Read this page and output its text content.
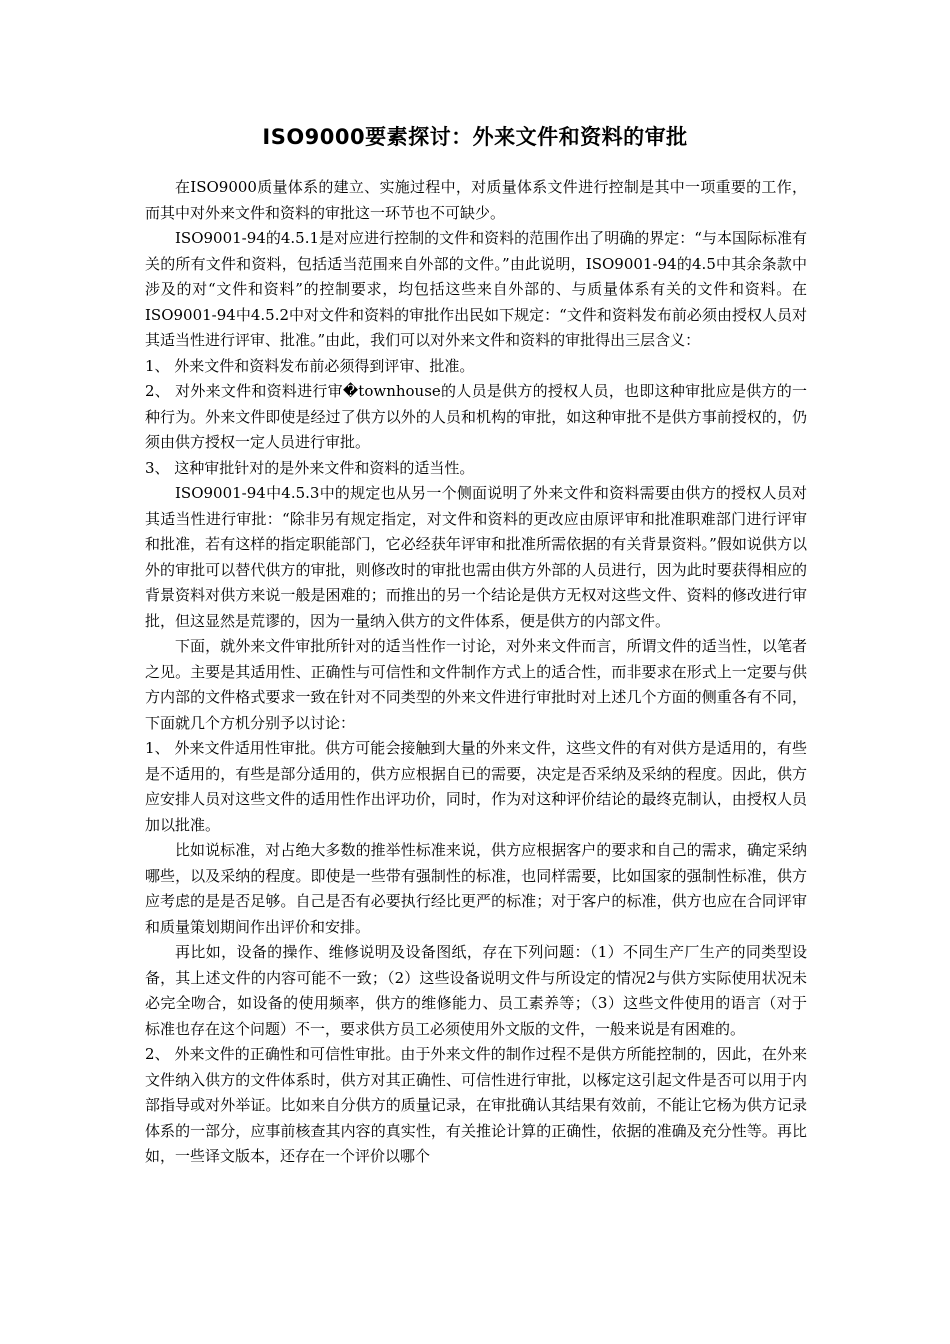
ISO9000要素探讨：外来文件和资料的审批

在ISO9000质量体系的建立、实施过程中，对质量体系文件进行控制是其中一项重要的工作，而其中对外来文件和资料的审批这一环节也不可缺少。

ISO9001-94的4.5.1是对应进行控制的文件和资料的范围作出了明确的界定：“与本国际标准有关的所有文件和资料，包括适当范围来自外部的文件。”由此说明，ISO9001-94的4.5中其余条款中涉及的对“文件和资料”的控制要求，均包括这些来自外部的、与质量体系有关的文件和资料。在ISO9001-94中4.5.2中对文件和资料的审批作出民如下规定：“文件和资料发布前必须由授权人员对其适当性进行评审、批准。”由此，我们可以对外来文件和资料的审批得出三层含义：

1、 外来文件和资料发布前必须得到评审、批准。

2、 对外来文件和资料进行审�townhouse的人员是供方的授权人员，也即这种审批应是供方的一种行为。外来文件即使是经过了供方以外的人员和机构的审批，如这种审批不是供方事前授权的，仍须由供方授权一定人员进行审批。

3、 这种审批针对的是外来文件和资料的适当性。

ISO9001-94中4.5.3中的规定也从另一个侧面说明了外来文件和资料需要由供方的授权人员对其适当性进行审批：“除非另有规定指定，对文件和资料的更改应由原评审和批准职难部门进行评审和批准，若有这样的指定职能部门，它必经获年评审和批准所需依据的有关背景资料。”假如说供方以外的审批可以替代供方的审批，则修改时的审批也需由供方外部的人员进行，因为此时要获得相应的背景资料对供方来说一般是困难的；而推出的另一个结论是供方无权对这些文件、资料的修改进行审批，但这显然是荒谬的，因为一量纳入供方的文件体系，便是供方的内部文件。

下面，就外来文件审批所针对的适当性作一讨论，对外来文件而言，所谓文件的适当性，以笔者之见。主要是其适用性、正确性与可信性和文件制作方式上的适合性，而非要求在形式上一定要与供方内部的文件格式要求一致在针对不同类型的外来文件进行审批时对上述几个方面的侧重各有不同，下面就几个方机分别予以讨论：

1、 外来文件适用性审批。供方可能会接触到大量的外来文件，这些文件的有对供方是适用的，有些是不适用的，有些是部分适用的，供方应根据自已的需要，决定是否采纳及采纳的程度。因此，供方应安排人员对这些文件的适用性作出评功价，同时，作为对这种评价结论的最终克制认，由授权人员加以批准。

比如说标准，对占绝大多数的推举性标准来说，供方应根据客户的要求和自己的需求，确定采纳哪些，以及采纳的程度。即使是一些带有强制性的标准，也同样需要，比如国家的强制性标准，供方应考虑的是是否足够。自己是否有必要执行经比更严的标准；对于客户的标准，供方也应在合同评审和质量策划期间作出评价和安排。

再比如，设备的操作、维修说明及设备图纸，存在下列问题：（1）不同生产厂生产的同类型设备，其上述文件的内容可能不一致；（2）这些设备说明文件与所设定的情况2与供方实际使用状况未必完全吻合，如设备的使用频率，供方的维修能力、员工素养等；（3）这些文件使用的语言（对于标准也存在这个问题）不一，要求供方员工必须使用外文版的文件，一般来说是有困难的。

2、 外来文件的正确性和可信性审批。由于外来文件的制作过程不是供方所能控制的，因此，在外来文件纳入供方的文件体系时，供方对其正确性、可信性进行审批，以椓定这引起文件是否可以用于内部指导或对外举证。比如来自分供方的质量记录，在审批确认其结果有效前，不能让它杨为供方记录体系的一部分，应事前核查其内容的真实性，有关推论计算的正确性，依据的准确及充分性等。再比如，一些译文版本，还存在一个评价以哪个
